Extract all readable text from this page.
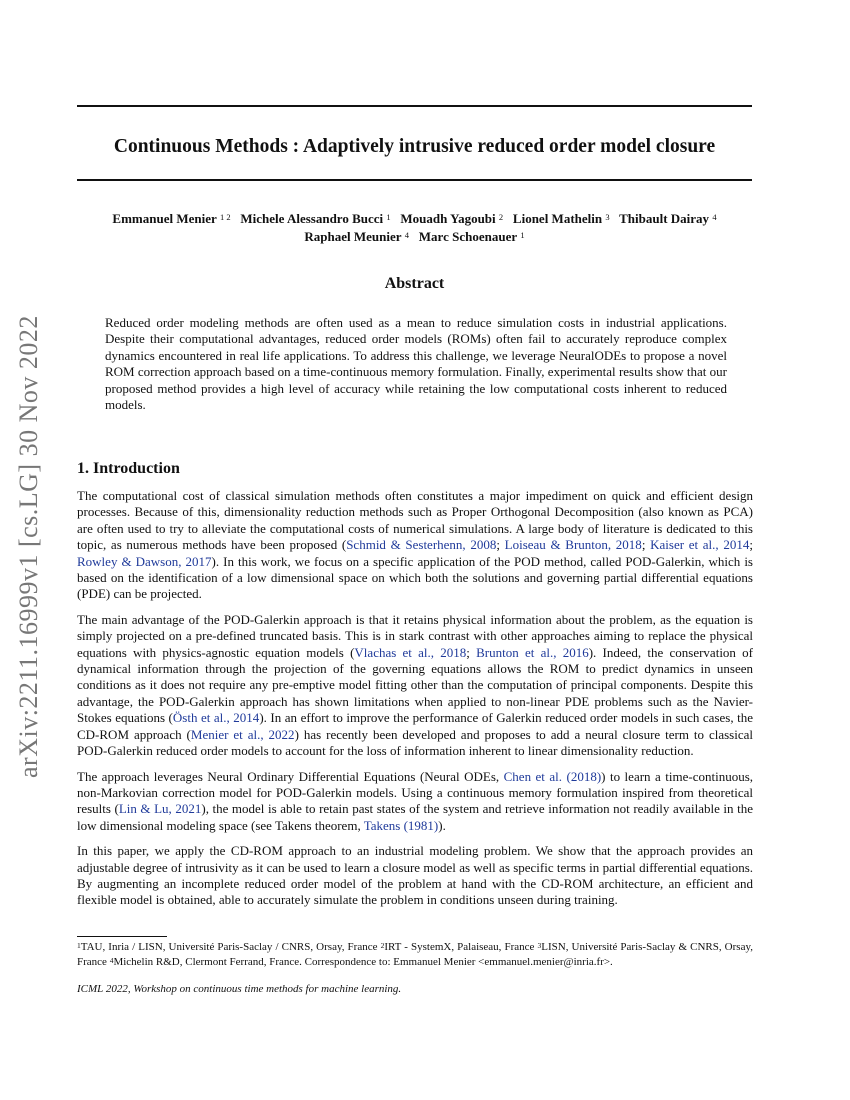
arXiv:2211.16999v1 [cs.LG] 30 Nov 2022
Continuous Methods : Adaptively intrusive reduced order model closure
Emmanuel Menier $^{1 2}$ Michele Alessandro Bucci $^1$ Mouadh Yagoubi $^2$ Lionel Mathelin $^3$ Thibault Dairay $^4$
Raphael Meunier $^4$ Marc Schoenauer $^1$
Abstract

Reduced order modeling methods are often used as a mean to reduce simulation costs in industrial applications. Despite their computational advantages, reduced order models (ROMs) often fail to accurately reproduce complex dynamics encountered in real life applications. To address this challenge, we leverage NeuralODEs to propose a novel ROM correction approach based on a time-continuous memory formulation. Finally, experimental results show that our proposed method provides a high level of accuracy while retaining the low computational costs inherent to reduced models.

1. Introduction

The computational cost of classical simulation methods often constitutes a major impediment on quick and efficient design processes. Because of this, dimensionality reduction methods such as Proper Orthogonal Decomposition (also known as PCA) are often used to try to alleviate the computational costs of numerical simulations. A large body of literature is dedicated to this topic, as numerous methods have been proposed (Schmid & Sesterhenn, 2008; Loiseau & Brunton, 2018; Kaiser et al., 2014; Rowley & Dawson, 2017). In this work, we focus on a specific application of the POD method, called POD-Galerkin, which is based on the identification of a low dimensional space on which both the solutions and governing partial differential equations (PDE) can be projected.

The main advantage of the POD-Galerkin approach is that it retains physical information about the problem, as the equation is simply projected on a pre-defined truncated basis. This is in stark contrast with other approaches aiming to replace the physical equations with physics-agnostic equation models (Vlachas et al., 2018; Brunton et al., 2016). Indeed, the conservation of dynamical information through the projection of the governing equations allows the ROM to predict dynamics in unseen conditions as it does not require any pre-emptive model fitting other than the computation of principal components. Despite this advantage, the POD-Galerkin approach has shown limitations when applied to non-linear PDE problems such as the Navier-Stokes equations (Östh et al., 2014). In an effort to improve the performance of Galerkin reduced order models in such cases, the CD-ROM approach (Menier et al., 2022) has recently been developed and proposes to add a neural closure term to classical POD-Galerkin reduced order models to account for the loss of information inherent to linear dimensionality reduction.

The approach leverages Neural Ordinary Differential Equations (Neural ODEs, Chen et al. (2018)) to learn a time-continuous, non-Markovian correction model for POD-Galerkin models. Using a continuous memory formulation inspired from theoretical results (Lin & Lu, 2021), the model is able to retain past states of the system and retrieve information not readily available in the low dimensional modeling space (see Takens theorem, Takens (1981)).

In this paper, we apply the CD-ROM approach to an industrial modeling problem. We show that the approach provides an adjustable degree of intrusivity as it can be used to learn a closure model as well as specific terms in partial differential equations. By augmenting an incomplete reduced order model of the problem at hand with the CD-ROM architecture, an efficient and flexible model is obtained, able to accurately simulate the problem in conditions unseen during training.

$^1$TAU, Inria / LISN, Université Paris-Saclay / CNRS, Orsay, France $^2$IRT - SystemX, Palaiseau, France $^3$LISN, Université Paris-Saclay & CNRS, Orsay, France $^4$Michelin R&D, Clermont Ferrand, France. Correspondence to: Emmanuel Menier <emmanuel.menier@inria.fr>.

ICML 2022, Workshop on continuous time methods for machine learning.
